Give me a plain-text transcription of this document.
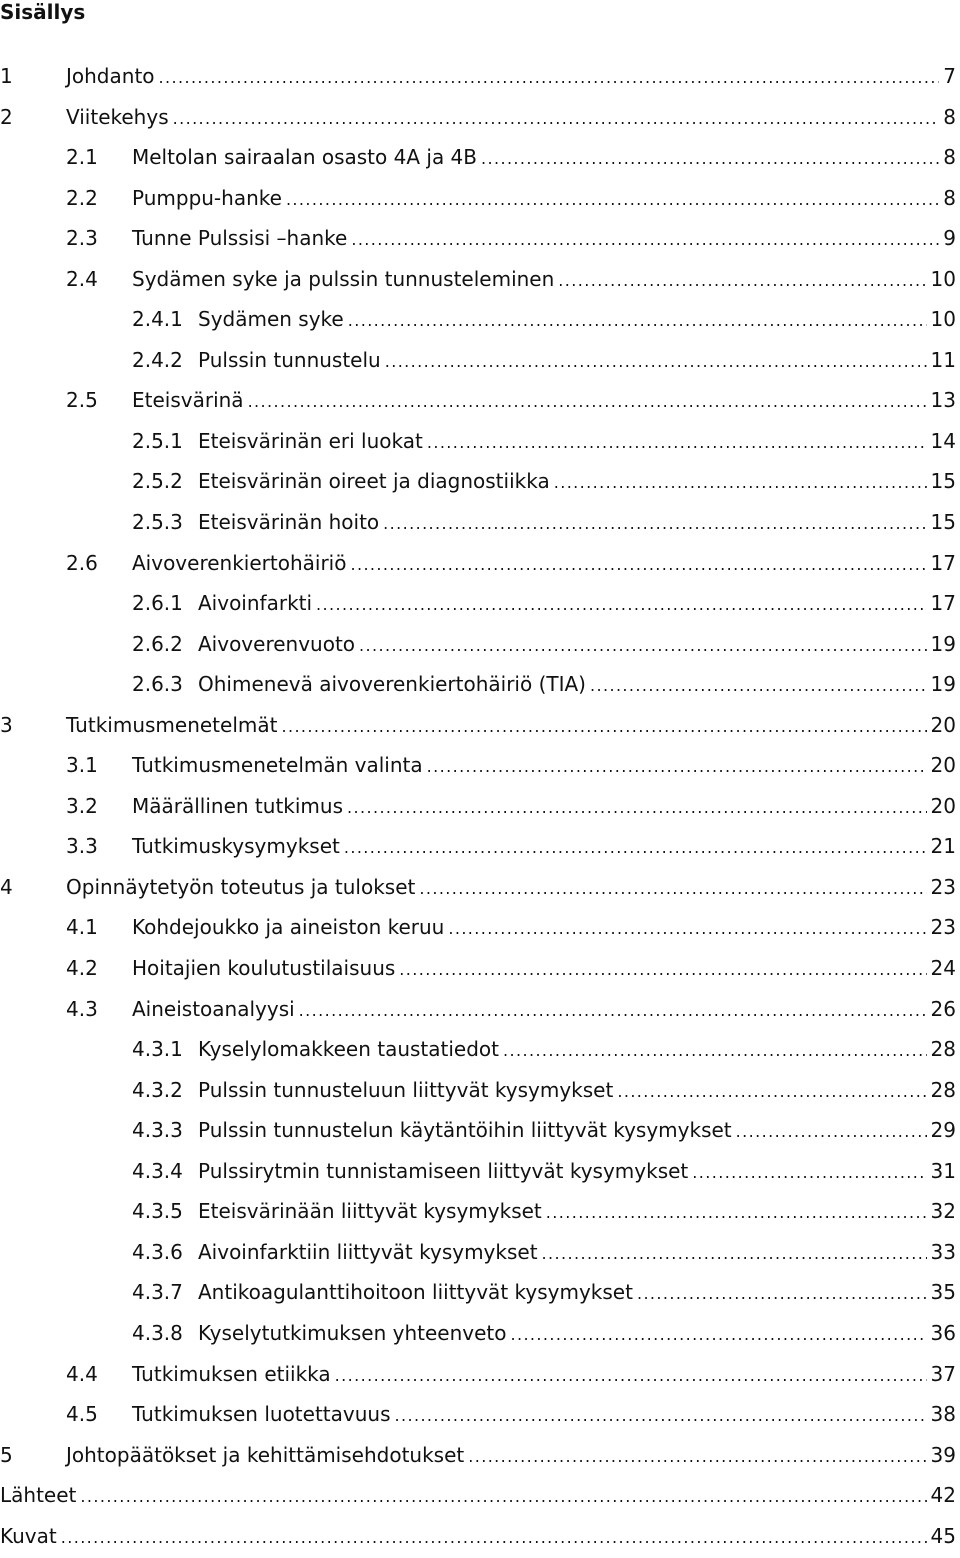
Sisällys
1	Johdanto .....	7
2	Viitekehys .....	8
2.1	Meltolan sairaalan osasto 4A ja 4B .....	8
2.2	Pumppu-hanke .....	8
2.3	Tunne Pulssisi –hanke .....	9
2.4	Sydämen syke ja pulssin tunnusteleminen .....	10
2.4.1 Sydämen syke .....	10
2.4.2 Pulssin tunnustelu .....	11
2.5	Eteisvärinä .....	13
2.5.1 Eteisvärinän eri luokat .....	14
2.5.2 Eteisvärinän oireet ja diagnostiikka .....	15
2.5.3 Eteisvärinän hoito .....	15
2.6	Aivoverenkiertohäiriö .....	17
2.6.1 Aivoinfarkti .....	17
2.6.2 Aivoverenvuoto .....	19
2.6.3 Ohimenevä aivoverenkiertohäiriö (TIA) .....	19
3	Tutkimusmenetelmät .....	20
3.1	Tutkimusmenetelmän valinta .....	20
3.2	Määrällinen tutkimus .....	20
3.3	Tutkimuskysymykset .....	21
4	Opinnäytetyön toteutus ja tulokset .....	23
4.1	Kohdejoukko ja aineiston keruu .....	23
4.2	Hoitajien koulutustilaisuus .....	24
4.3	Aineistoanalyysi .....	26
4.3.1 Kyselylomakkeen taustatiedot .....	28
4.3.2 Pulssin tunnusteluun liittyvät kysymykset .....	28
4.3.3 Pulssin tunnustelun käytäntöihin liittyvät kysymykset .....	29
4.3.4 Pulssirytmin tunnistamiseen liittyvät kysymykset .....	31
4.3.5 Eteisvärinään liittyvät kysymykset .....	32
4.3.6 Aivoinfarktiin liittyvät kysymykset .....	33
4.3.7 Antikoagulanttihoitoon liittyvät kysymykset .....	35
4.3.8 Kyselytutkimuksen yhteenveto .....	36
4.4	Tutkimuksen etiikka .....	37
4.5	Tutkimuksen luotettavuus .....	38
5	Johtopäätökset ja kehittämisehdotukset .....	39
Lähteet .....	42
Kuvat .....	45
